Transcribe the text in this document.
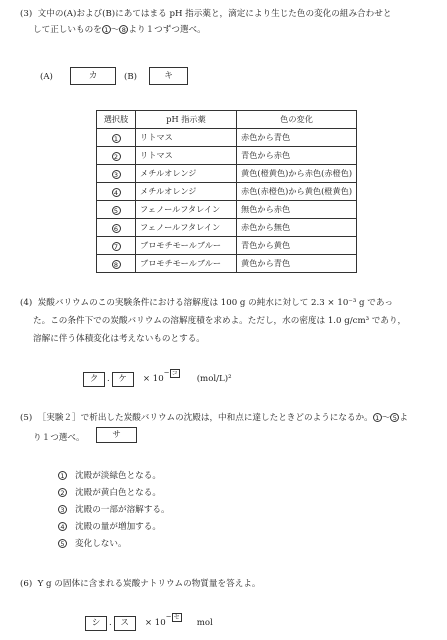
(3) 文中の(A)および(B)にあてはまる pH 指示薬と，滴定により生じた色の変化の組み合わせと
して正しいものを 1 ～ 8 より１つずつ選べ。
(A)	カ	(B)	キ
選択肢	pH 指示薬	色の変化
1	リトマス	赤色から青色
2	リトマス	青色から赤色
3	メチルオレンジ	黄色(橙黄色)から赤色(赤橙色)
4	メチルオレンジ	赤色(赤橙色)から黄色(橙黄色)
5	フェノールフタレイン	無色から赤色
6	フェノールフタレイン	赤色から無色
7	ブロモチモールブルー	青色から黄色
8	ブロモチモールブルー	黄色から青色
(4) 炭酸バリウムのこの実験条件における溶解度は 100 g の純水に対して 2.3 × 10⁻³ g であっ
た。この条件下での炭酸バリウムの溶解度積を求めよ。ただし，水の密度は 1.0 g/cm³ であり，
溶解に伴う体積変化は考えないものとする。
ク . ケ × 10− コ (mol/L)²
(5) ［実験２］で析出した炭酸バリウムの沈殿は，中和点に達したときどのようになるか。 1 ～ 5 よ
り１つ選べ。	サ
1 沈殿が淡緑色となる。
2 沈殿が黄白色となる。
3 沈殿の一部が溶解する。
4 沈殿の量が増加する。
5 変化しない。
(6) Y g の固体に含まれる炭酸ナトリウムの物質量を答えよ。
シ . ス × 10− セ mol
